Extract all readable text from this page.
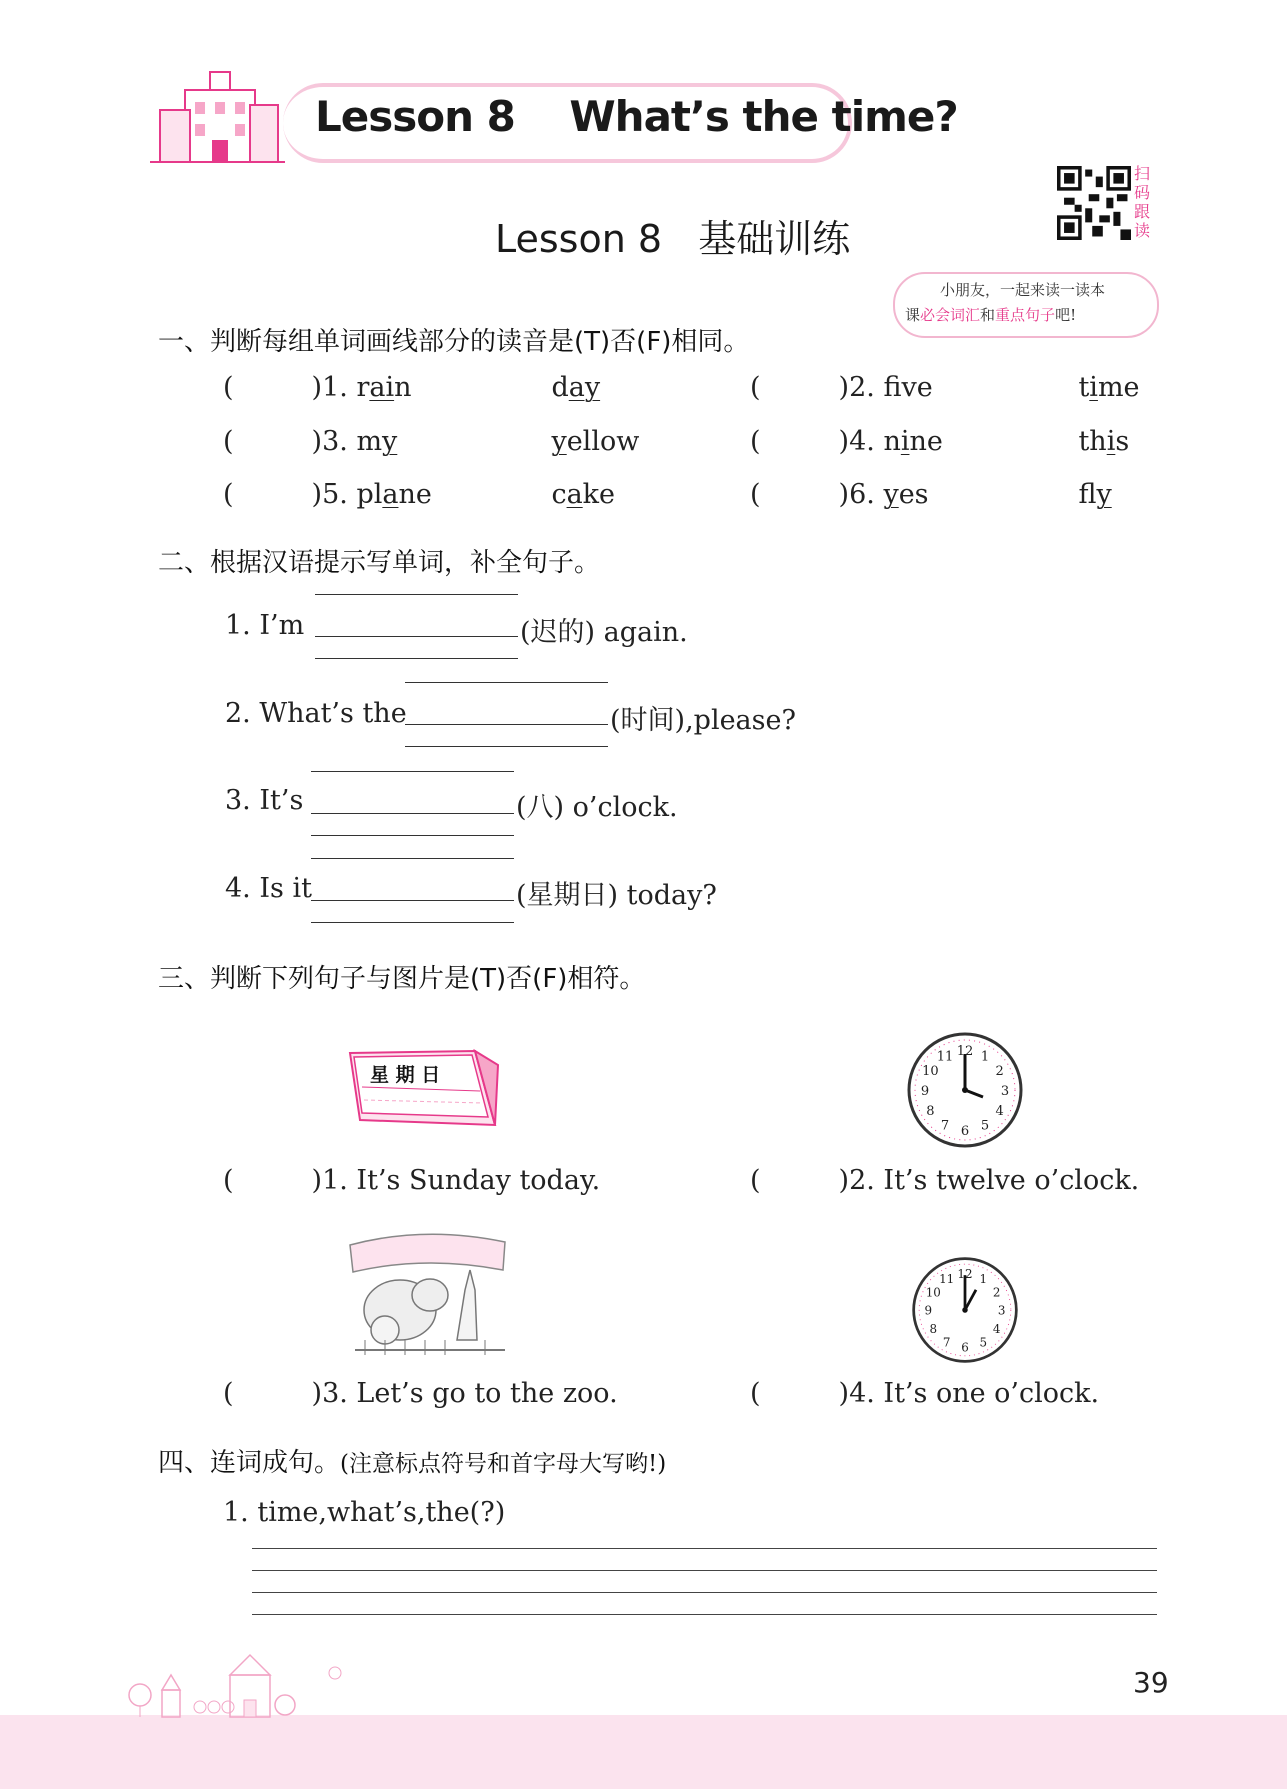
Lesson 8    What’s the time?
Lesson 8   基础训练
扫码跟读
小朋友，一起来读一读本
课必会词汇和重点句子吧!
一、判断每组单词画线部分的读音是(T)否(F)相同。
(	)1. rain	day	(	)2. fve	time
(	)3. my	yellow	(	)4. nine	this
(	)5. plane	cake	(	)6. yes	fly
二、根据汉语提示写单词，补全句子。
1. I’m	(迟的) again.
2. What’s the	(时间),please?
3. It’s	(八) o’clock.
4. Is it	(星期日) today?
三、判断下列句子与图片是(T)否(F)相符。
星 期 日
12 1
2
3
4
5
6
7
8
9
10
11
(	)1. It’s Sunday today.	(	)2. It’s twelve o’clock.
12 1
2
3
4
5
6
7
8
9
10
11
(	)3. Let’s go to the zoo.	(	)4. It’s one o’clock.
四、连词成句。(注意标点符号和首字母大写哟!)
1. time,what’s,the(?)
39
